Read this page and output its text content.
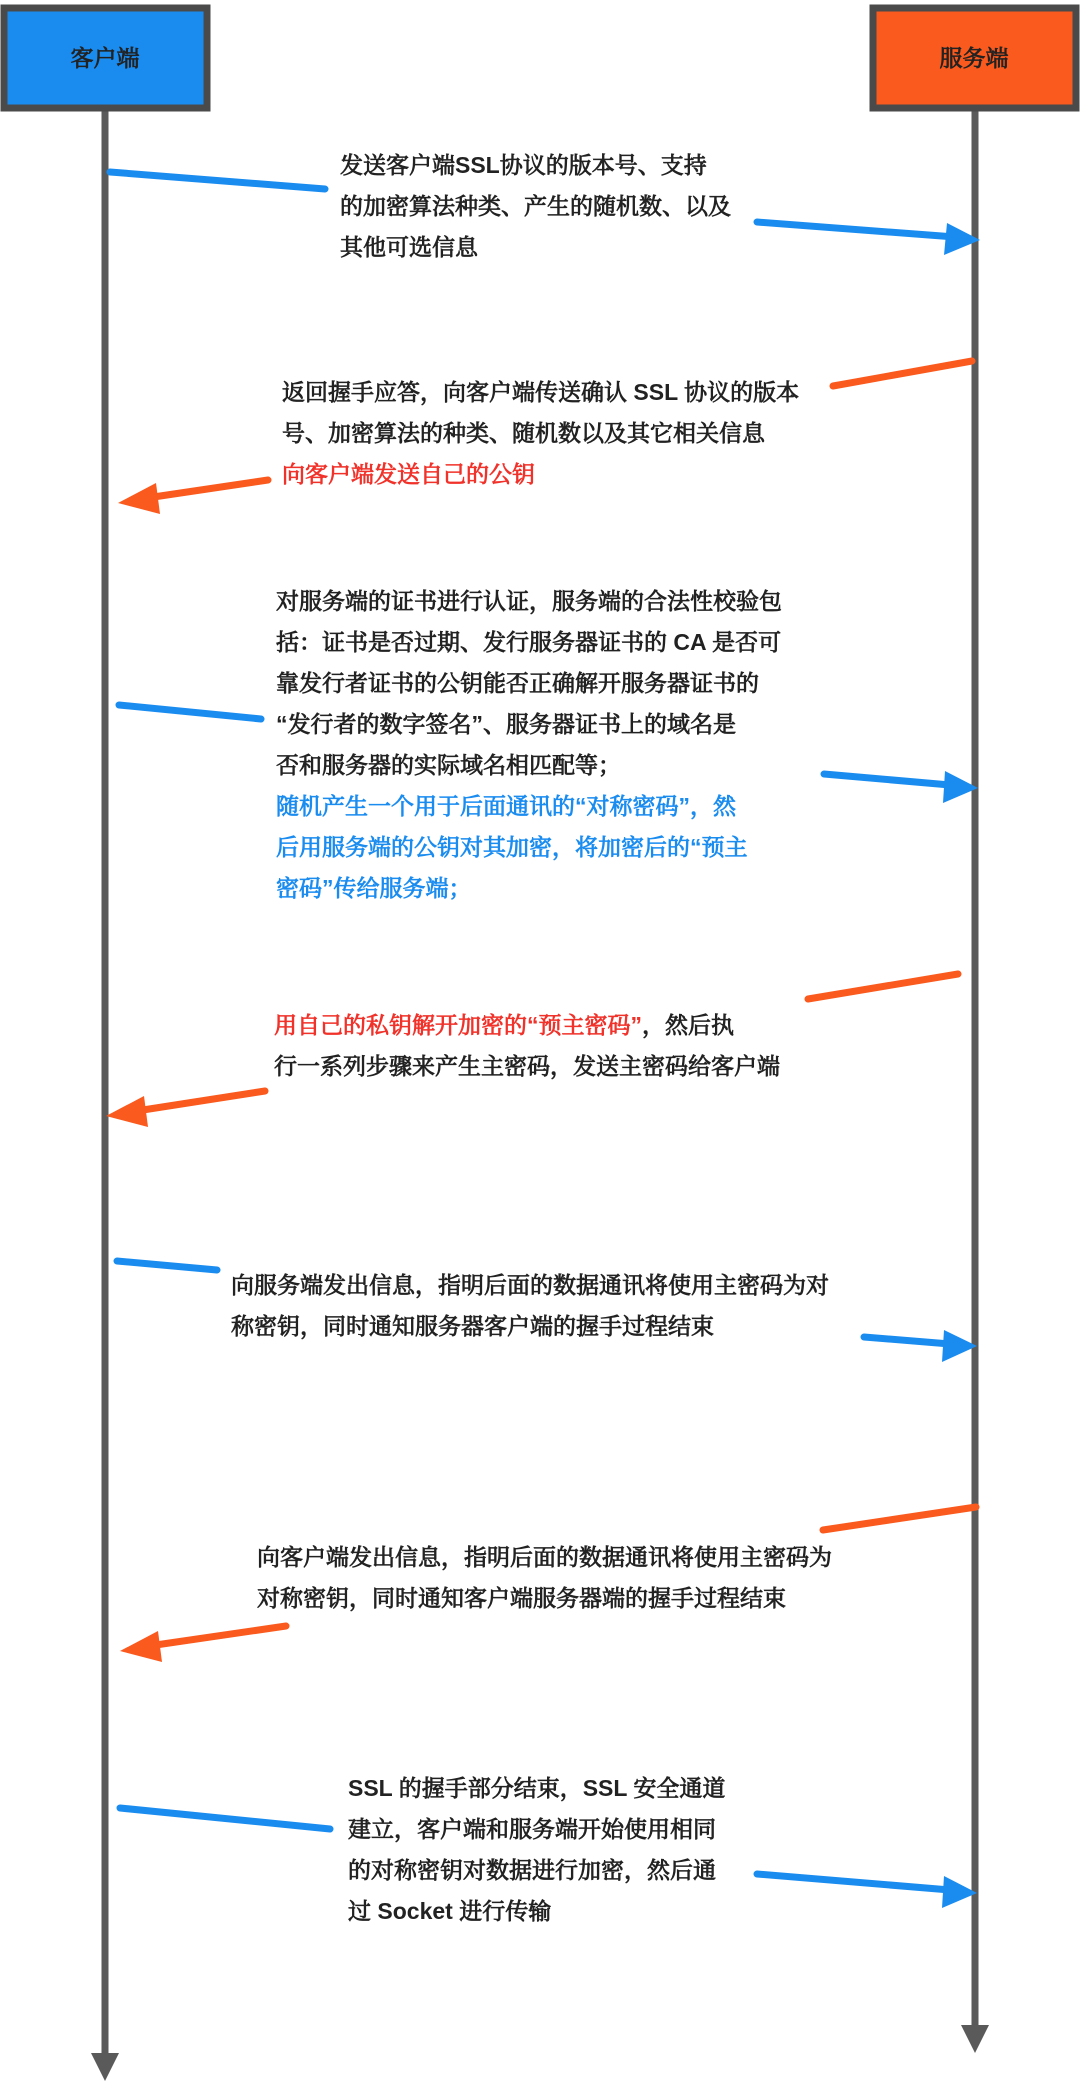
客户端	服务端
发送客户端SSL协议的版本号、支持
的加密算法种类、产生的随机数、以及
其他可选信息
返回握手应答，向客户端传送确认 SSL 协议的版本
号、加密算法的种类、随机数以及其它相关信息
向客户端发送自己的公钥
对服务端的证书进行认证，服务端的合法性校验包
括：证书是否过期、发行服务器证书的 CA 是否可
靠发行者证书的公钥能否正确解开服务器证书的
“发行者的数字签名”、服务器证书上的域名是
否和服务器的实际域名相匹配等；
随机产生一个用于后面通讯的“对称密码”，然
后用服务端的公钥对其加密，将加密后的“预主
密码”传给服务端；
用自己的私钥解开加密的“预主密码”，然后执
行一系列步骤来产生主密码，发送主密码给客户端
向服务端发出信息，指明后面的数据通讯将使用主密码为对
称密钥，同时通知服务器客户端的握手过程结束
向客户端发出信息，指明后面的数据通讯将使用主密码为
对称密钥，同时通知客户端服务器端的握手过程结束
SSL 的握手部分结束，SSL 安全通道
建立，客户端和服务端开始使用相同
的对称密钥对数据进行加密，然后通
过 Socket 进行传输
